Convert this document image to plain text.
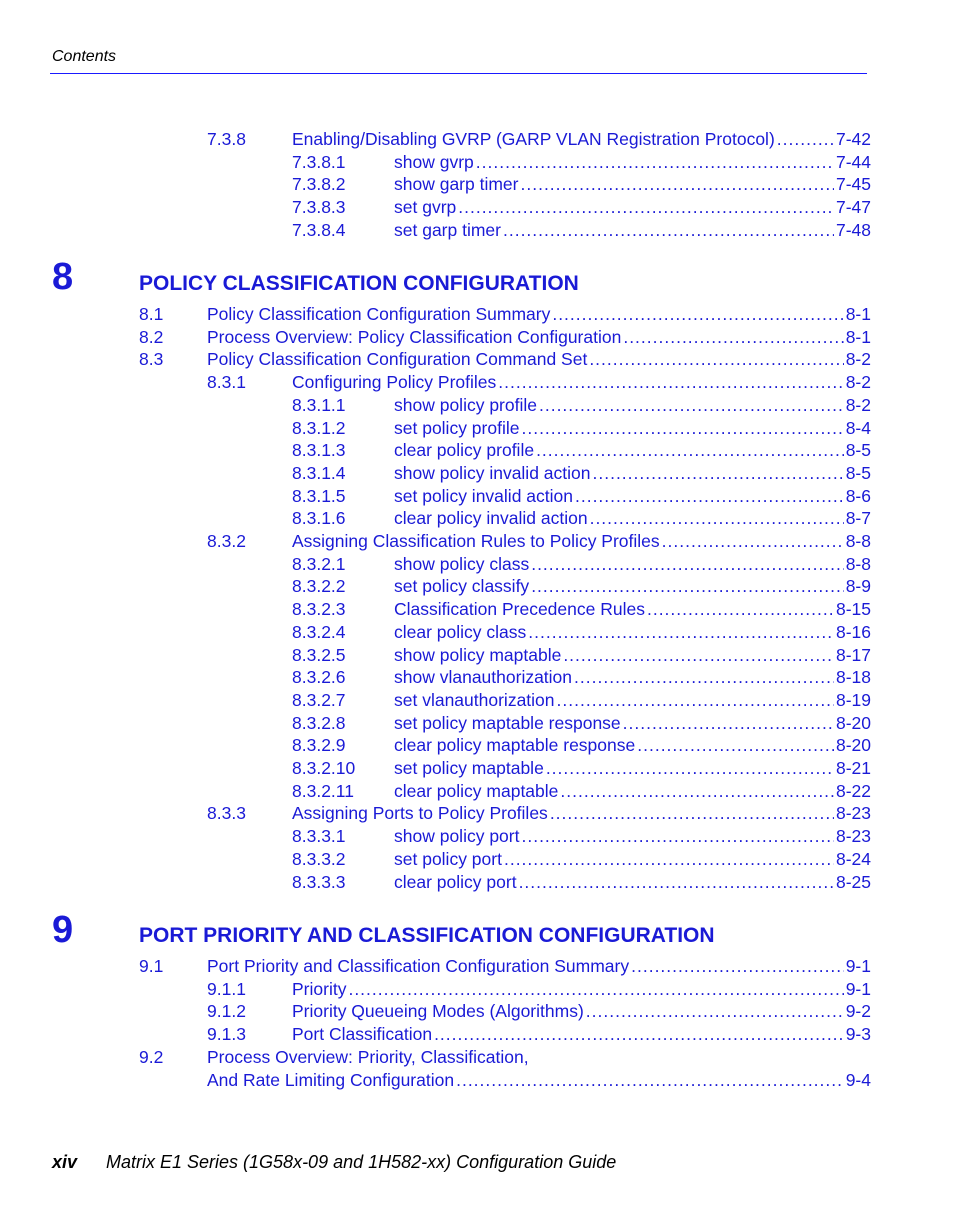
Contents
7.3.8	Enabling/Disabling GVRP (GARP VLAN Registration Protocol) .....	7-42
7.3.8.1	show gvrp .....	7-44
7.3.8.2	show garp timer .....	7-45
7.3.8.3	set gvrp .....	7-47
7.3.8.4	set garp timer .....	7-48
8	POLICY CLASSIFICATION CONFIGURATION
8.1 Policy Classification Configuration Summary .....	8-1
8.2 Process Overview: Policy Classification Configuration .....	8-1
8.3 Policy Classification Configuration Command Set .....	8-2
8.3.1	Configuring Policy Profiles .....	8-2
8.3.1.1	show policy profile .....	8-2
8.3.1.2	set policy profile .....	8-4
8.3.1.3	clear policy profile .....	8-5
8.3.1.4	show policy invalid action .....	8-5
8.3.1.5	set policy invalid action .....	8-6
8.3.1.6	clear policy invalid action .....	8-7
8.3.2	Assigning Classification Rules to Policy Profiles .....	8-8
8.3.2.1	show policy class .....	8-8
8.3.2.2	set policy classify .....	8-9
8.3.2.3	Classification Precedence Rules .....	8-15
8.3.2.4	clear policy class .....	8-16
8.3.2.5	show policy maptable .....	8-17
8.3.2.6	show vlanauthorization .....	8-18
8.3.2.7	set vlanauthorization .....	8-19
8.3.2.8	set policy maptable response .....	8-20
8.3.2.9	clear policy maptable response .....	8-20
8.3.2.10 set policy maptable .....	8-21
8.3.2.11 clear policy maptable .....	8-22
8.3.3	Assigning Ports to Policy Profiles .....	8-23
8.3.3.1	show policy port .....	8-23
8.3.3.2	set policy port .....	8-24
8.3.3.3	clear policy port .....	8-25
9	PORT PRIORITY AND CLASSIFICATION CONFIGURATION
9.1 Port Priority and Classification Configuration Summary .....	9-1
9.1.1	Priority .....	9-1
9.1.2	Priority Queueing Modes (Algorithms) .....	9-2
9.1.3	Port Classification .....	9-3
9.2 Process Overview: Priority, Classification,
And Rate Limiting Configuration .....	9-4
xiv Matrix E1 Series (1G58x-09 and 1H582-xx) Configuration Guide
